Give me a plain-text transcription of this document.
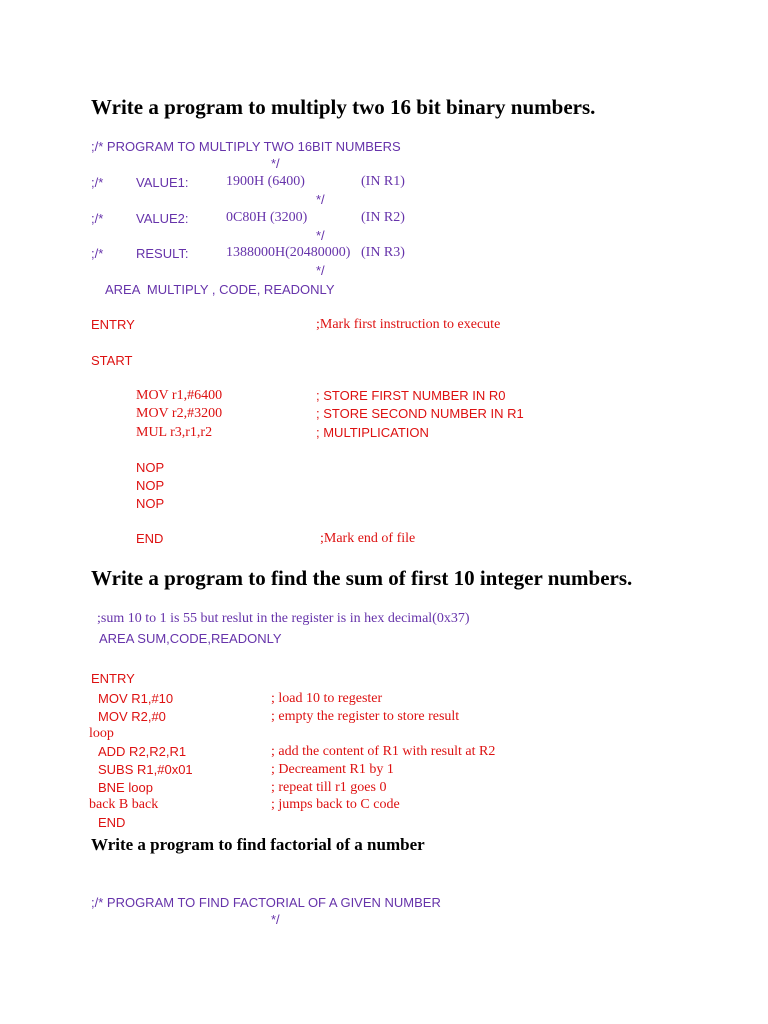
Write a program to multiply two 16 bit binary numbers.
;/* PROGRAM TO MULTIPLY TWO 16BIT NUMBERS
*/
;/*	VALUE1:	1900H (6400)	(IN R1)
*/
;/*	VALUE2:	0C80H (3200)	(IN R2)
*/
;/*	RESULT:	1388000H(20480000) (IN R3)
*/
AREA  MULTIPLY , CODE, READONLY
ENTRY	;Mark first instruction to execute
START
MOV r1,#6400	; STORE FIRST NUMBER IN R0
MOV r2,#3200	; STORE SECOND NUMBER IN R1
MUL r3,r1,r2	; MULTIPLICATION
NOP
NOP
NOP
END	;Mark end of file
Write a program to find the sum of first 10 integer numbers.
;sum 10 to 1 is 55 but reslut in the register is in hex decimal(0x37)
AREA SUM,CODE,READONLY
ENTRY
MOV R1,#10	; load 10 to regester
MOV R2,#0	; empty the register to store result
loop
ADD R2,R2,R1	; add the content of R1 with result at R2
SUBS R1,#0x01	; Decreament R1 by 1
BNE loop	; repeat till r1 goes 0
back B back	; jumps back to C code
END
Write a program to find factorial of a number
;/* PROGRAM TO FIND FACTORIAL OF A GIVEN NUMBER
*/
